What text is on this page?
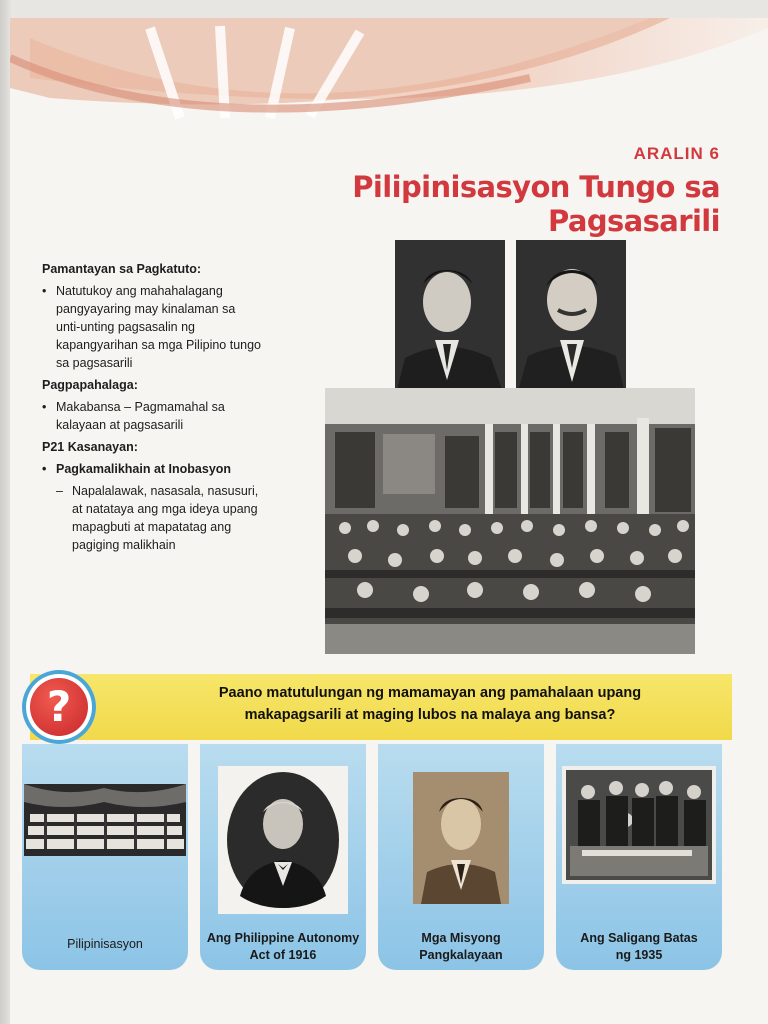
ARALIN 6
Pilipinisasyon Tungo sa Pagsasarili
Pamantayan sa Pagkatuto:
• Natutukoy ang mahahalagang pangyayaring may kinalaman sa unti-unting pagsasalin ng kapangyarihan sa mga Pilipino tungo sa pagsasarili
Pagpapahalaga:
• Makabansa – Pagmamahal sa kalayaan at pagsasarili
P21 Kasanayan:
• Pagkamalikhain at Inobasyon
– Napalalawak, nasasala, nasusuri, at natataya ang mga ideya upang mapagbuti at mapatatag ang pagiging malikhain
Paano matutulungan ng mamamayan ang pamahalaan upang
makapagsarili at maging lubos na malaya ang bansa?
?
Pilipinisasyon	Ang Philippine Autonomy
Act of 1916
Mga Misyong
Pangkalayaan
Ang Saligang Batas
ng 1935
